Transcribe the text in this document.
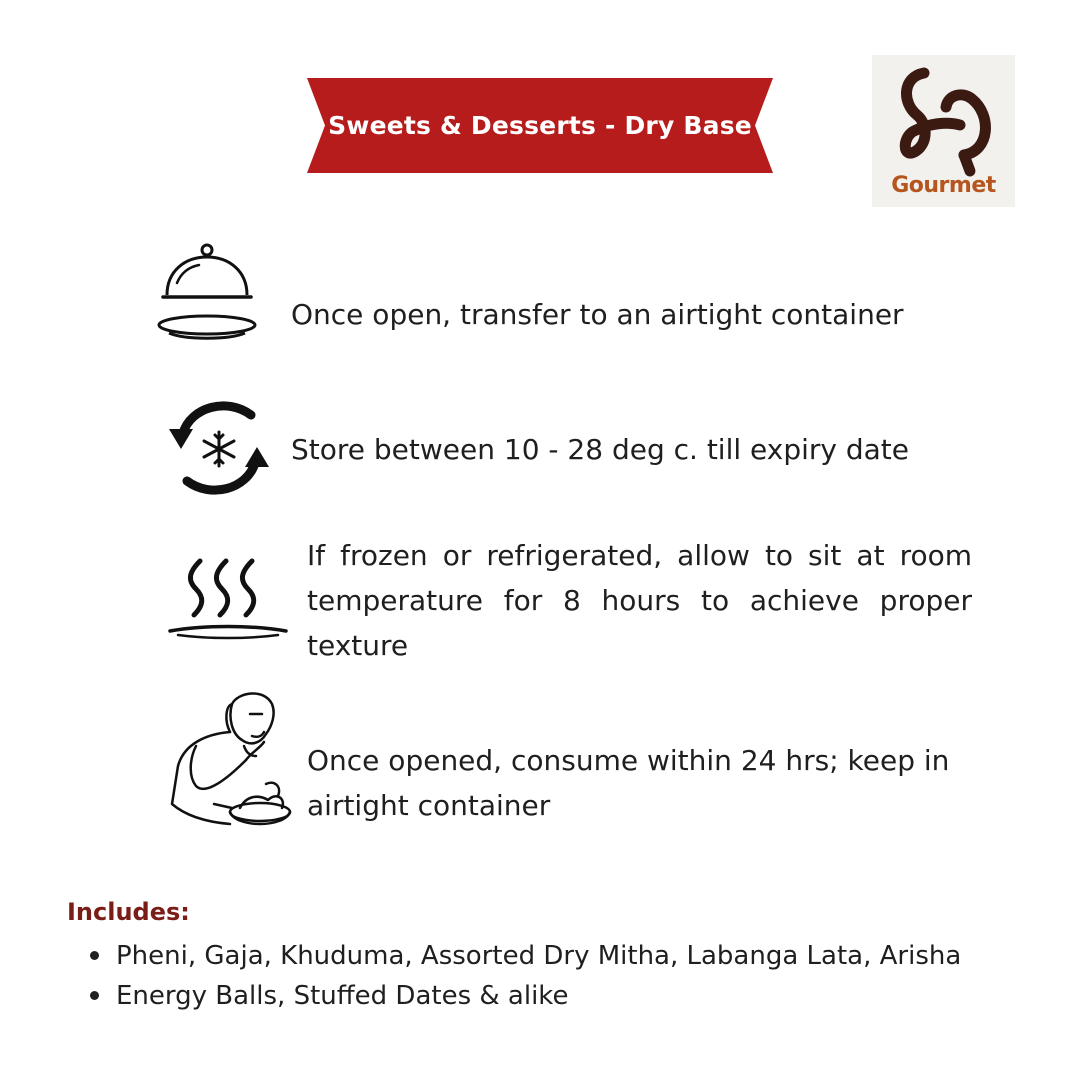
Sweets & Desserts - Dry Base
Gourmet
Once open, transfer to an airtight container
Store between 10 - 28 deg c. till expiry date
If frozen or refrigerated, allow to sit at room temperature for 8 hours to achieve proper texture
Once opened, consume within 24 hrs; keep in airtight container
Includes:
Pheni, Gaja, Khuduma, Assorted Dry Mitha, Labanga Lata, Arisha
Energy Balls, Stuffed Dates & alike
